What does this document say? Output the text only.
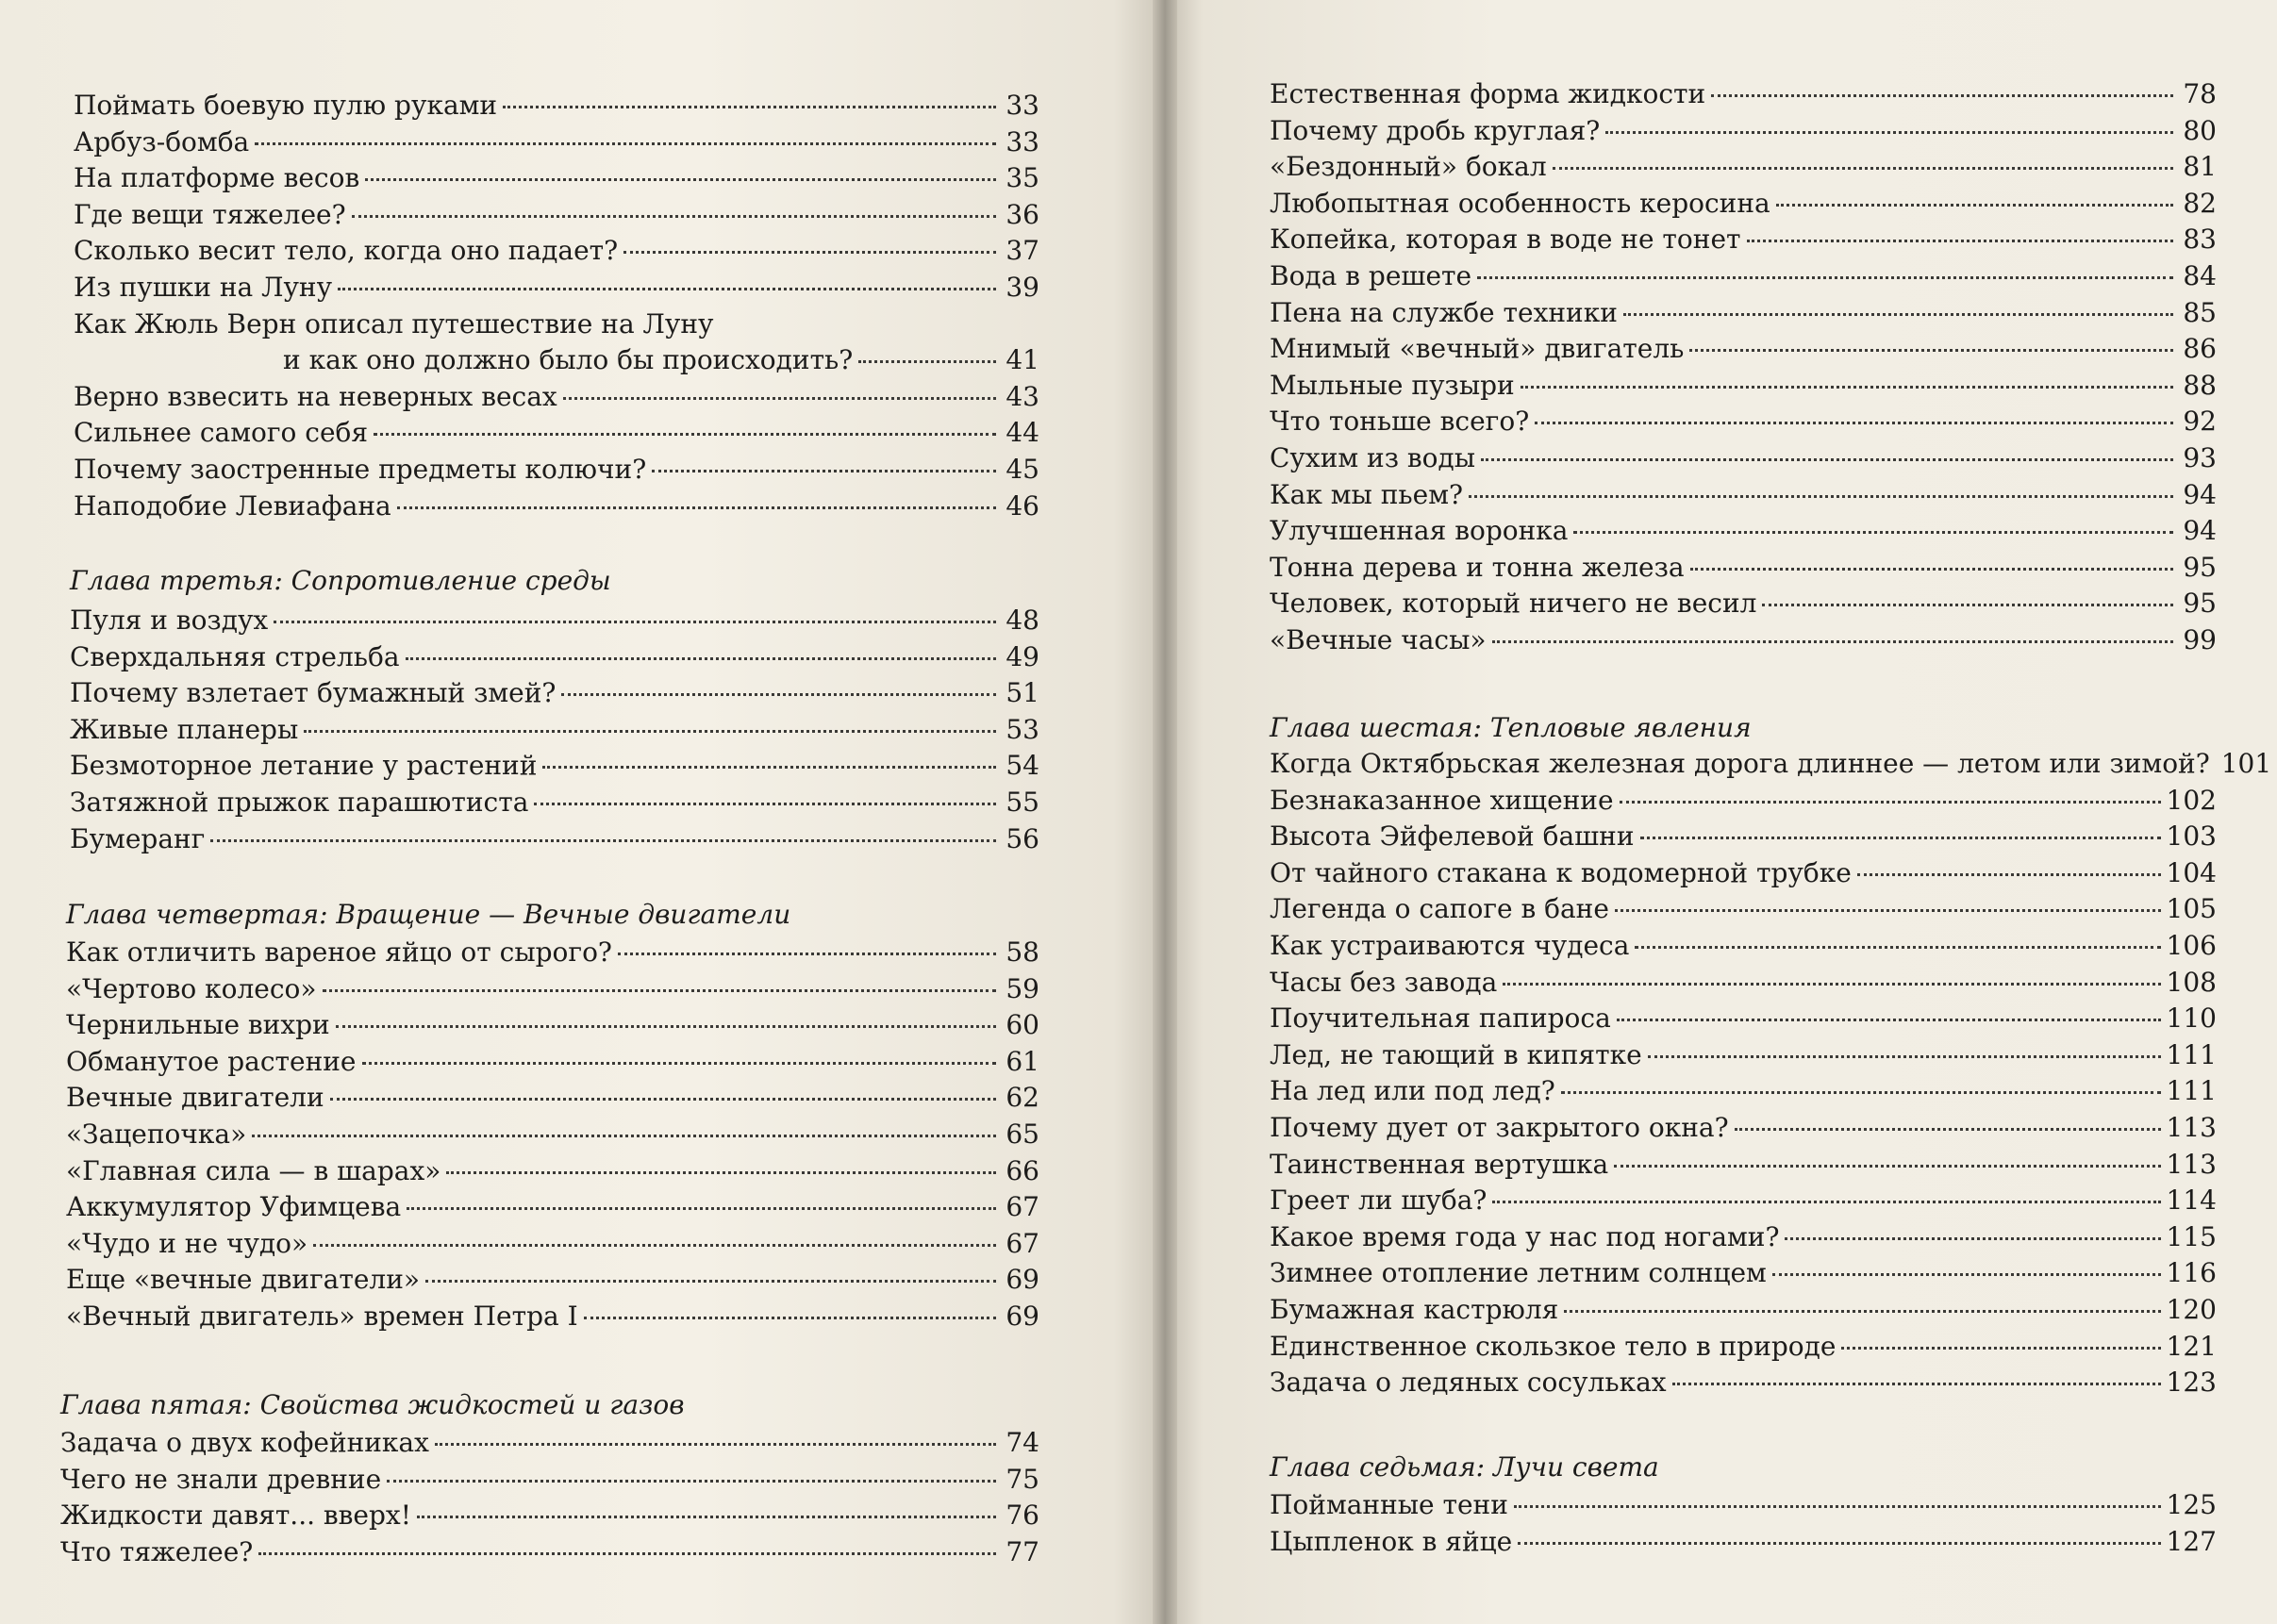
Поймать боевую пулю руками	33
Арбуз-бомба	33
На платформе весов	35
Где вещи тяжелее?	36
Сколько весит тело, когда оно падает?	37
Из пушки на Луну	39
Как Жюль Верн описал путешествие на Луну
и как оно должно было бы происходить?	41
Верно взвесить на неверных весах	43
Сильнее самого себя	44
Почему заостренные предметы колючи?	45
Наподобие Левиафана	46
Глава третья: Сопротивление среды
Пуля и воздух	48
Сверхдальняя стрельба	49
Почему взлетает бумажный змей?	51
Живые планеры	53
Безмоторное летание у растений	54
Затяжной прыжок парашютиста	55
Бумеранг	56
Глава четвертая: Вращение — Вечные двигатели
Как отличить вареное яйцо от сырого?	58
«Чертово колесо»	59
Чернильные вихри	60
Обманутое растение	61
Вечные двигатели	62
«Зацепочка»	65
«Главная сила — в шарах»	66
Аккумулятор Уфимцева	67
«Чудо и не чудо»	67
Еще «вечные двигатели»	69
«Вечный двигатель» времен Петра I	69
Глава пятая: Свойства жидкостей и газов
Задача о двух кофейниках	74
Чего не знали древние	75
Жидкости давят... вверх!	76
Что тяжелее?	77
Естественная форма жидкости	78
Почему дробь круглая?	80
«Бездонный» бокал	81
Любопытная особенность керосина	82
Копейка, которая в воде не тонет	83
Вода в решете	84
Пена на службе техники	85
Мнимый «вечный» двигатель	86
Мыльные пузыри	88
Что тоньше всего?	92
Сухим из воды	93
Как мы пьем?	94
Улучшенная воронка	94
Тонна дерева и тонна железа	95
Человек, который ничего не весил	95
«Вечные часы»	99
Глава шестая: Тепловые явления
Когда Октябрьская железная дорога длиннее — летом или зимой? 101
Безнаказанное хищение	102
Высота Эйфелевой башни	103
От чайного стакана к водомерной трубке	104
Легенда о сапоге в бане	105
Как устраиваются чудеса	106
Часы без завода	108
Поучительная папироса	110
Лед, не тающий в кипятке	111
На лед или под лед?	111
Почему дует от закрытого окна?	113
Таинственная вертушка	113
Греет ли шуба?	114
Какое время года у нас под ногами?	115
Зимнее отопление летним солнцем	116
Бумажная кастрюля	120
Единственное скользкое тело в природе	121
Задача о ледяных сосульках	123
Глава седьмая: Лучи света
Пойманные тени	125
Цыпленок в яйце	127
